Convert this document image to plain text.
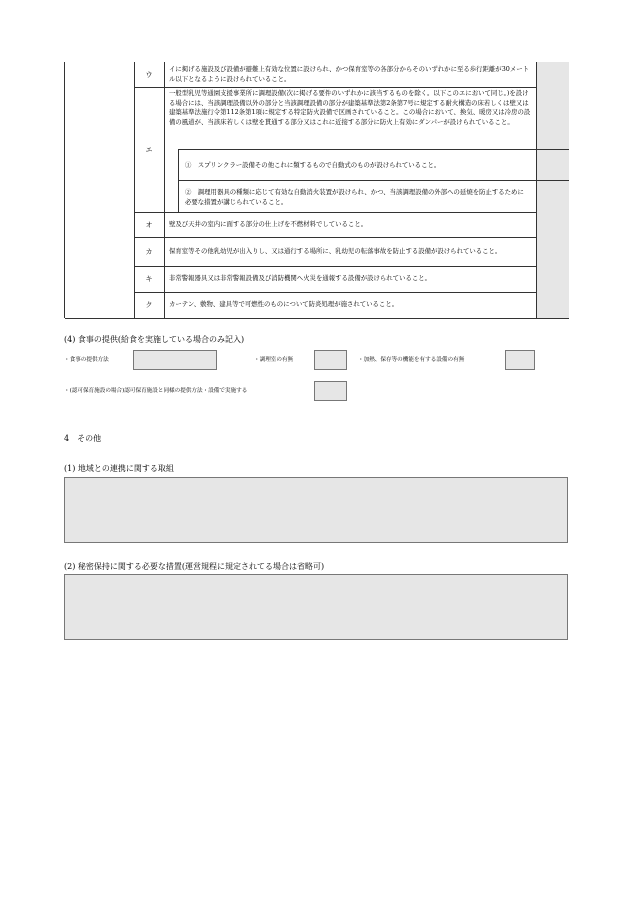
ウ
イに掲げる施設及び設備が避難上有効な位置に設けられ、かつ保育室等の各部分からそのいずれかに至る歩行距離が30メートル以下となるように設けられていること。
エ
一般型乳児等通園支援事業所に調理設備(次に掲げる要件のいずれかに該当するものを除く。以下このエにおいて同じ。)を設ける場合には、当該調理設備以外の部分と当該調理設備の部分が建築基準法第2条第7号に規定する耐火構造の床若しくは壁又は建築基準法施行令第112条第1項に規定する特定防火設備で区画されていること。この場合において、換気、暖房又は冷房の設備の風道が、当該床若しくは壁を貫通する部分又はこれに近接する部分に防火上有効にダンパーが設けられていること。
①　スプリンクラー設備その他これに類するもので自動式のものが設けられていること。
②　調理用器具の種類に応じて有効な自動消火装置が設けられ、かつ、当該調理設備の外部への延焼を防止するために必要な措置が講じられていること。
オ	壁及び天井の室内に面する部分の仕上げを不燃材料でしていること。
カ	保育室等その他乳幼児が出入りし、又は通行する場所に、乳幼児の転落事故を防止する設備が設けられていること。
キ	非常警報器具又は非常警報設備及び消防機関へ火災を通報する設備が設けられていること。
ク	カーテン、敷物、建具等で可燃性のものについて防炎処理が施されていること。
(4) 食事の提供(給食を実施している場合のみ記入)
・食事の提供方法	・調理室の有無	・加熱、保存等の機能を有する設備の有無
・(認可保育施設の場合)認可保育施設と同様の提供方法・設備で実施する
4　その他
(1) 地域との連携に関する取組
(2) 秘密保持に関する必要な措置(運営規程に規定されてる場合は省略可)
